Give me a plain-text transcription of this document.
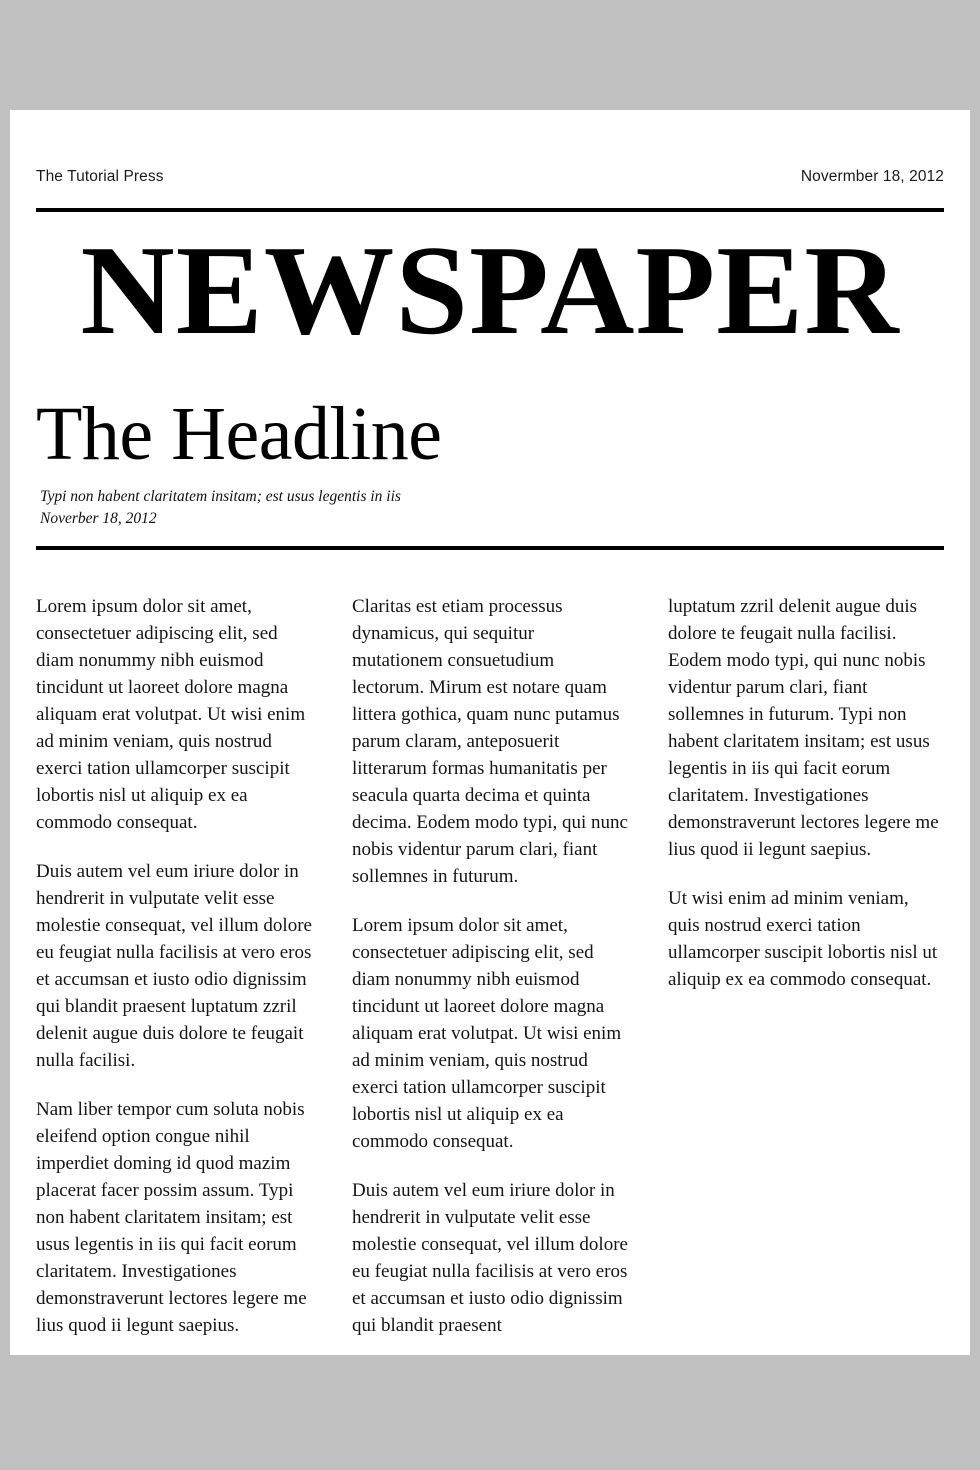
The Tutorial Press	Novermber 18, 2012
NEWSPAPER
The Headline
Typi non habent claritatem insitam; est usus legentis in iis
Noverber 18, 2012

Lorem ipsum dolor sit amet, consectetuer adipiscing elit, sed diam nonummy nibh euismod tincidunt ut laoreet dolore magna aliquam erat volutpat. Ut wisi enim ad minim veniam, quis nostrud exerci tation ullamcorper suscipit lobortis nisl ut aliquip ex ea commodo consequat.

Duis autem vel eum iriure dolor in hendrerit in vulputate velit esse molestie consequat, vel illum dolore eu feugiat nulla facilisis at vero eros et accumsan et iusto odio dignissim qui blandit praesent luptatum zzril delenit augue duis dolore te feugait nulla facilisi.

Nam liber tempor cum soluta nobis eleifend option congue nihil imperdiet doming id quod mazim placerat facer possim assum. Typi non habent claritatem insitam; est usus legentis in iis qui facit eorum claritatem. Investigationes demonstraverunt lectores legere me lius quod ii legunt saepius.

Claritas est etiam processus dynamicus, qui sequitur mutationem consuetudium lectorum. Mirum est notare quam littera gothica, quam nunc putamus parum claram, anteposuerit litterarum formas humanitatis per seacula quarta decima et quinta decima. Eodem modo typi, qui nunc nobis videntur parum clari, fiant sollemnes in futurum.

Lorem ipsum dolor sit amet, consectetuer adipiscing elit, sed diam nonummy nibh euismod tincidunt ut laoreet dolore magna aliquam erat volutpat. Ut wisi enim ad minim veniam, quis nostrud exerci tation ullamcorper suscipit lobortis nisl ut aliquip ex ea commodo consequat.

Duis autem vel eum iriure dolor in hendrerit in vulputate velit esse molestie consequat, vel illum dolore eu feugiat nulla facilisis at vero eros et accumsan et iusto odio dignissim qui blandit praesent

luptatum zzril delenit augue duis dolore te feugait nulla facilisi. Eodem modo typi, qui nunc nobis videntur parum clari, fiant sollemnes in futurum. Typi non habent claritatem insitam; est usus legentis in iis qui facit eorum claritatem. Investigationes demonstraverunt lectores legere me lius quod ii legunt saepius.

Ut wisi enim ad minim veniam, quis nostrud exerci tation ullamcorper suscipit lobortis nisl ut aliquip ex ea commodo consequat.
